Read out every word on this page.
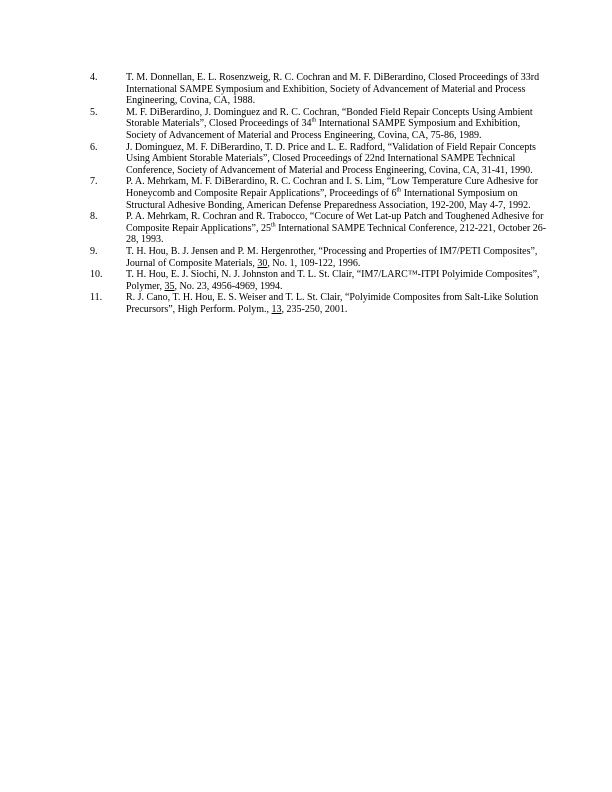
4.	T. M. Donnellan, E. L. Rosenzweig, R. C. Cochran and M. F. DiBerardino, Closed Proceedings of 33rd International SAMPE Symposium and Exhibition, Society of Advancement of Material and Process Engineering, Covina, CA, 1988.
5.	M. F. DiBerardino, J. Dominguez and R. C. Cochran, “Bonded Field Repair Concepts Using Ambient Storable Materials”, Closed Proceedings of 34th International SAMPE Symposium and Exhibition, Society of Advancement of Material and Process Engineering, Covina, CA, 75-86, 1989.
6.	J. Dominguez, M. F. DiBerardino, T. D. Price and L. E. Radford, “Validation of Field Repair Concepts Using Ambient Storable Materials”, Closed Proceedings of 22nd International SAMPE Technical Conference, Society of Advancement of Material and Process Engineering, Covina, CA, 31-41, 1990.
7.	P. A. Mehrkam, M. F. DiBerardino, R. C. Cochran and I. S. Lim, “Low Temperature Cure Adhesive for Honeycomb and Composite Repair Applications”, Proceedings of 6th International Symposium on Structural Adhesive Bonding, American Defense Preparedness Association, 192-200, May 4-7, 1992.
8.	P. A. Mehrkam, R. Cochran and R. Trabocco, “Cocure of Wet Lat-up Patch and Toughened Adhesive for Composite Repair Applications”, 25th International SAMPE Technical Conference, 212-221, October 26-28, 1993.
9.	T. H. Hou, B. J. Jensen and P. M. Hergenrother, “Processing and Properties of IM7/PETI Composites”, Journal of Composite Materials, 30, No. 1, 109-122, 1996.
10.	T. H. Hou, E. J. Siochi, N. J. Johnston and T. L. St. Clair, “IM7/LARC™-ITPI Polyimide Composites”, Polymer, 35, No. 23, 4956-4969, 1994.
11.	R. J. Cano, T. H. Hou, E. S. Weiser and T. L. St. Clair, “Polyimide Composites from Salt-Like Solution Precursors”, High Perform. Polym., 13, 235-250, 2001.
